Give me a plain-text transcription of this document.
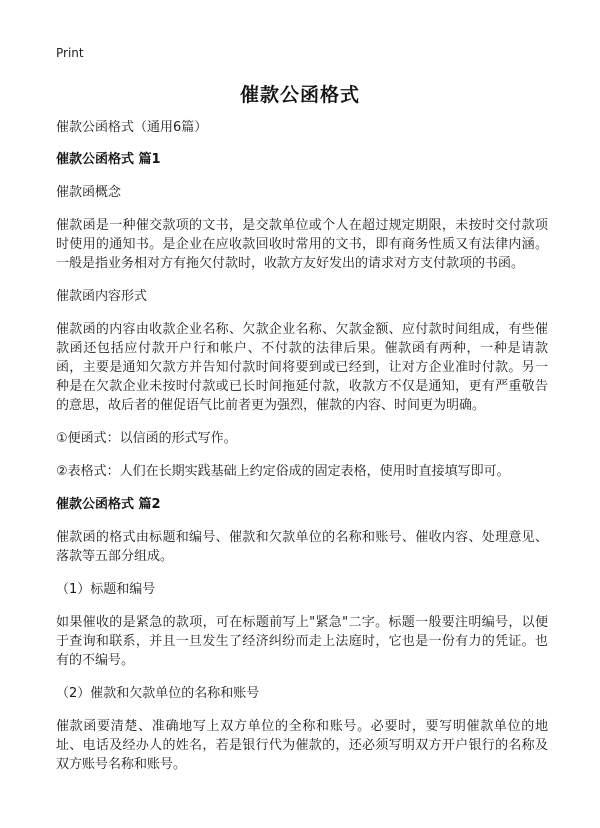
Print
催款公函格式

催款公函格式（通用6篇）

催款公函格式 篇1

催款函概念

催款函是一种催交款项的文书，是交款单位或个人在超过规定期限，未按时交付款项时使用的通知书。是企业在应收款回收时常用的文书，即有商务性质又有法律内涵。一般是指业务相对方有拖欠付款时，收款方友好发出的请求对方支付款项的书函。

催款函内容形式

催款函的内容由收款企业名称、欠款企业名称、欠款金额、应付款时间组成，有些催款函还包括应付款开户行和帐户、不付款的法律后果。催款函有两种，一种是请款函，主要是通知欠款方并告知付款时间将要到或已经到，让对方企业准时付款。另一种是在欠款企业未按时付款或已长时间拖延付款，收款方不仅是通知，更有严重敬告的意思，故后者的催促语气比前者更为强烈，催款的内容、时间更为明确。

①便函式：以信函的形式写作。

②表格式：人们在长期实践基础上约定俗成的固定表格，使用时直接填写即可。

催款公函格式 篇2

催款函的格式由标题和编号、催款和欠款单位的名称和账号、催收内容、处理意见、落款等五部分组成。

（1）标题和编号

如果催收的是紧急的款项，可在标题前写上"紧急"二字。标题一般要注明编号，以便于查询和联系，并且一旦发生了经济纠纷而走上法庭时，它也是一份有力的凭证。也有的不编号。

（2）催款和欠款单位的名称和账号

催款函要清楚、准确地写上双方单位的全称和账号。必要时，要写明催款单位的地址、电话及经办人的姓名，若是银行代为催款的，还必须写明双方开户银行的名称及双方账号名称和账号。
